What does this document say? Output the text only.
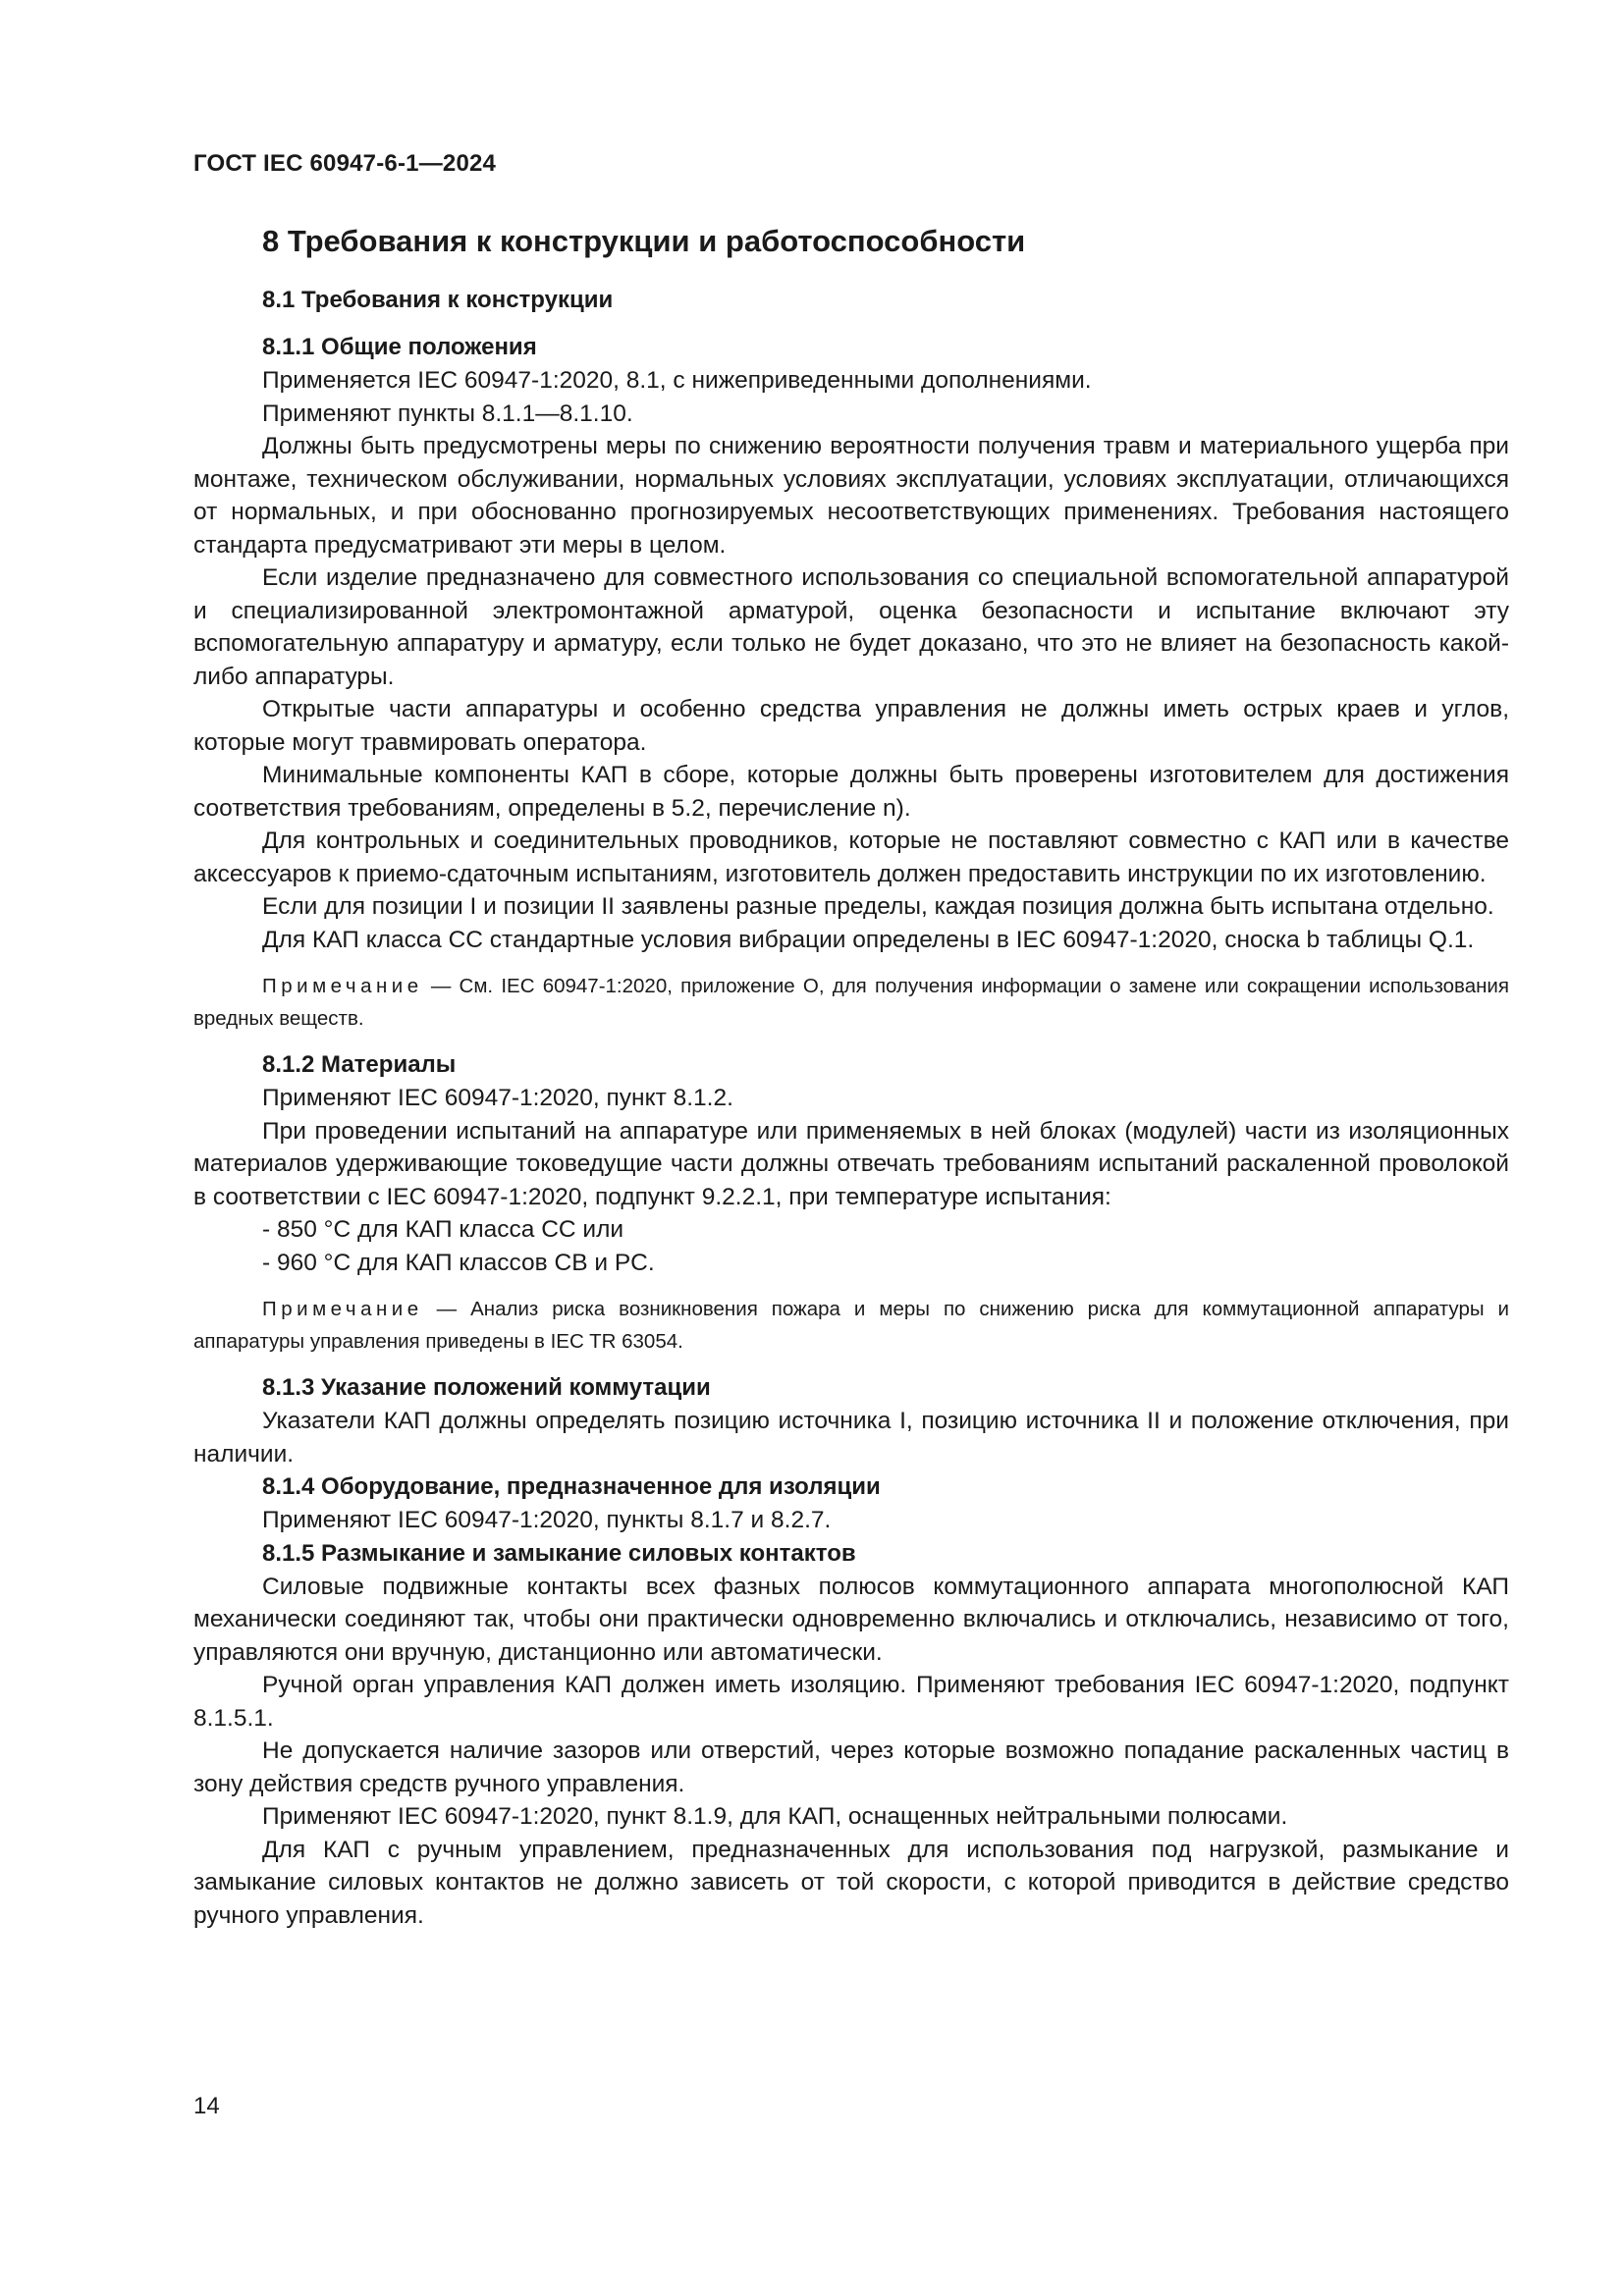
ГОСТ IEC 60947-6-1—2024

8 Требования к конструкции и работоспособности

8.1 Требования к конструкции

8.1.1 Общие положения

Применяется IEC 60947-1:2020, 8.1, с нижеприведенными дополнениями.

Применяют пункты 8.1.1—8.1.10.

Должны быть предусмотрены меры по снижению вероятности получения травм и материального ущерба при монтаже, техническом обслуживании, нормальных условиях эксплуатации, условиях эксплуатации, отличающихся от нормальных, и при обоснованно прогнозируемых несоответствующих применениях. Требования настоящего стандарта предусматривают эти меры в целом.

Если изделие предназначено для совместного использования со специальной вспомогательной аппаратурой и специализированной электромонтажной арматурой, оценка безопасности и испытание включают эту вспомогательную аппаратуру и арматуру, если только не будет доказано, что это не влияет на безопасность какой-либо аппаратуры.

Открытые части аппаратуры и особенно средства управления не должны иметь острых краев и углов, которые могут травмировать оператора.

Минимальные компоненты КАП в сборе, которые должны быть проверены изготовителем для достижения соответствия требованиям, определены в 5.2, перечисление n).

Для контрольных и соединительных проводников, которые не поставляют совместно с КАП или в качестве аксессуаров к приемо-сдаточным испытаниям, изготовитель должен предоставить инструкции по их изготовлению.

Если для позиции I и позиции II заявлены разные пределы, каждая позиция должна быть испытана отдельно.

Для КАП класса CC стандартные условия вибрации определены в IEC 60947-1:2020, сноска b таблицы Q.1.

Примечание — См. IEC 60947-1:2020, приложение O, для получения информации о замене или сокращении использования вредных веществ.

8.1.2 Материалы

Применяют IEC 60947-1:2020, пункт 8.1.2.

При проведении испытаний на аппаратуре или применяемых в ней блоках (модулей) части из изоляционных материалов удерживающие токоведущие части должны отвечать требованиям испытаний раскаленной проволокой в соответствии с IEC 60947-1:2020, подпункт 9.2.2.1, при температуре испытания:

- 850 °C для КАП класса CC или

- 960 °C для КАП классов CB и PC.

Примечание — Анализ риска возникновения пожара и меры по снижению риска для коммутационной аппаратуры и аппаратуры управления приведены в IEC TR 63054.

8.1.3 Указание положений коммутации

Указатели КАП должны определять позицию источника I, позицию источника II и положение отключения, при наличии.

8.1.4 Оборудование, предназначенное для изоляции

Применяют IEC 60947-1:2020, пункты 8.1.7 и 8.2.7.

8.1.5 Размыкание и замыкание силовых контактов

Силовые подвижные контакты всех фазных полюсов коммутационного аппарата многополюсной КАП механически соединяют так, чтобы они практически одновременно включались и отключались, независимо от того, управляются они вручную, дистанционно или автоматически.

Ручной орган управления КАП должен иметь изоляцию. Применяют требования IEC 60947-1:2020, подпункт 8.1.5.1.

Не допускается наличие зазоров или отверстий, через которые возможно попадание раскаленных частиц в зону действия средств ручного управления.

Применяют IEC 60947-1:2020, пункт 8.1.9, для КАП, оснащенных нейтральными полюсами.

Для КАП с ручным управлением, предназначенных для использования под нагрузкой, размыкание и замыкание силовых контактов не должно зависеть от той скорости, с которой приводится в действие средство ручного управления.

14
